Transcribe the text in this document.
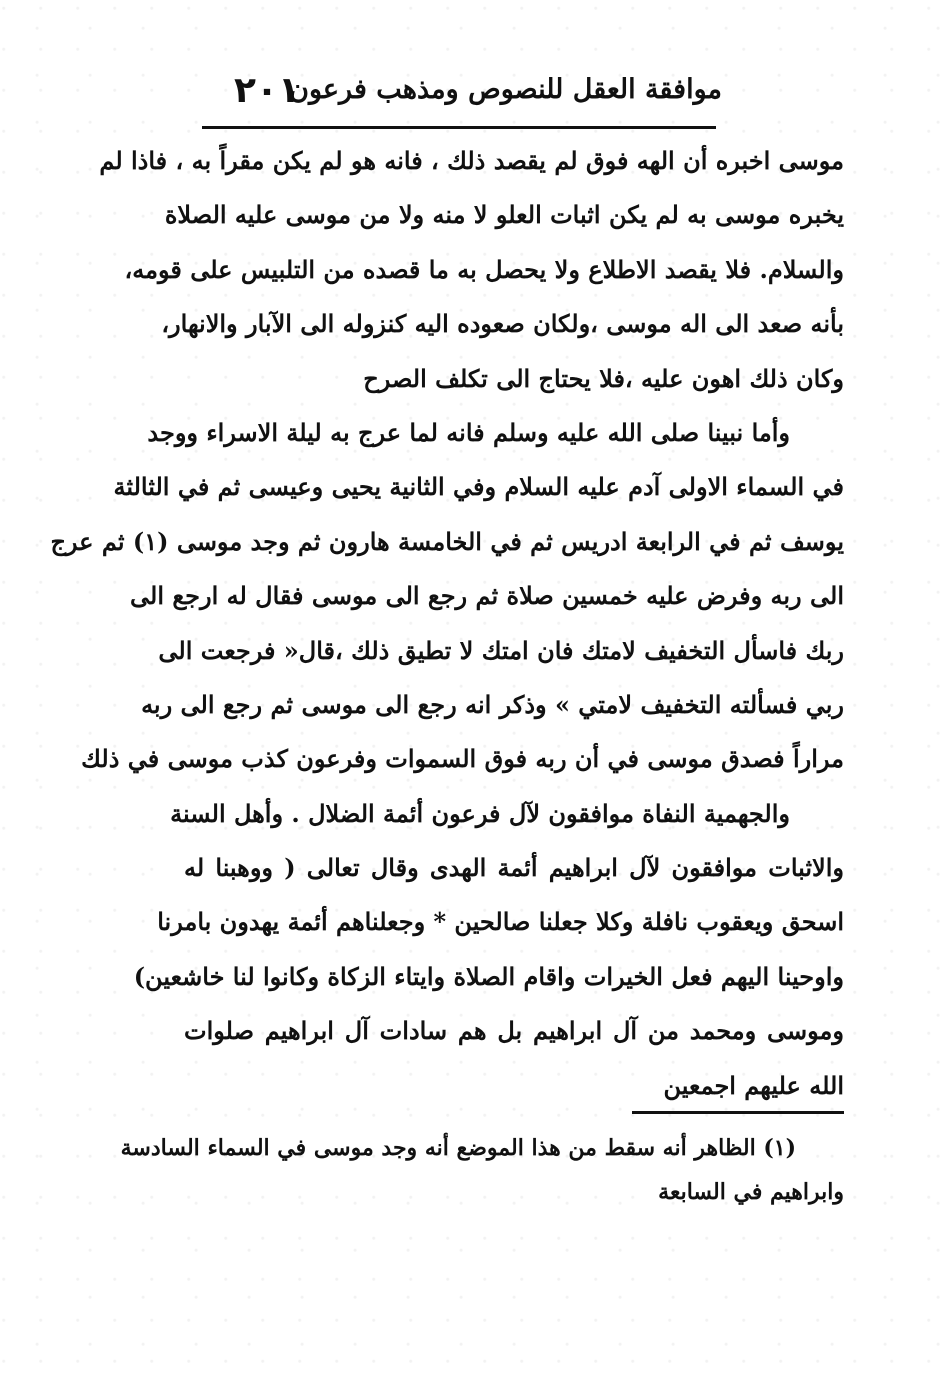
موافقة العقل للنصوص ومذهب فرعون
٢٠١
موسى اخبره أن الهه فوق لم يقصد ذلك ، فانه هو لم يكن مقراً به ، فاذا لم
يخبره موسى به لم يكن اثبات العلو لا منه ولا من موسى عليه الصلاة
والسلام. فلا يقصد الاطلاع ولا يحصل به ما قصده من التلبيس على قومه،
بأنه صعد الى اله موسى ،ولكان صعوده اليه كنزوله الى الآبار والانهار،
وكان ذلك اهون عليه ،فلا يحتاج الى تكلف الصرح
وأما نبينا صلى الله عليه وسلم فانه لما عرج به ليلة الاسراء ووجد
في السماء الاولى آدم عليه السلام وفي الثانية يحيى وعيسى ثم في الثالثة
يوسف ثم في الرابعة ادريس ثم في الخامسة هارون ثم وجد موسى (١) ثم عرج
الى ربه وفرض عليه خمسين صلاة ثم رجع الى موسى فقال له ارجع الى
ربك فاسأل التخفيف لامتك فان امتك لا تطيق ذلك ،قال« فرجعت الى
ربي فسألته التخفيف لامتي » وذكر انه رجع الى موسى ثم رجع الى ربه
مراراً فصدق موسى في أن ربه فوق السموات وفرعون كذب موسى في ذلك
والجهمية النفاة موافقون لآل فرعون أئمة الضلال . وأهل السنة
والاثبات موافقون لآل ابراهيم أئمة الهدى وقال تعالى ( ووهبنا له
اسحق ويعقوب نافلة وكلا جعلنا صالحين * وجعلناهم أئمة يهدون بامرنا
واوحينا اليهم فعل الخيرات واقام الصلاة وايتاء الزكاة وكانوا لنا خاشعين)
وموسى ومحمد من آل ابراهيم بل هم سادات آل ابراهيم صلوات
الله عليهم اجمعين
(١) الظاهر أنه سقط من هذا الموضع أنه وجد موسى في السماء السادسة
وابراهيم في السابعة
